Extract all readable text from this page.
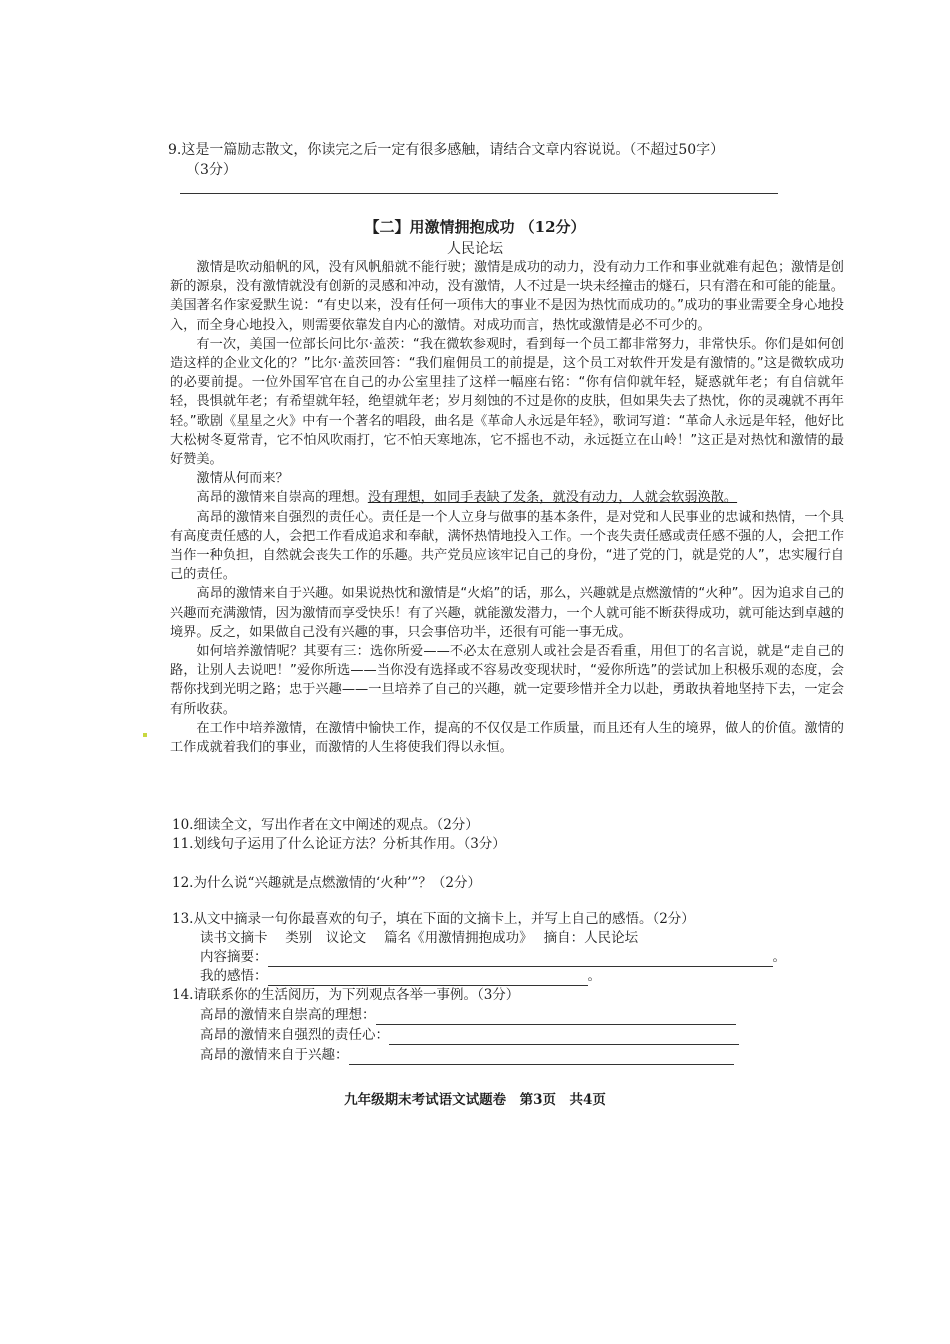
9.这是一篇励志散文，你读完之后一定有很多感触，请结合文章内容说说。（不超过50字）
（3分）
【二】用激情拥抱成功 （12分）
人民论坛

激情是吹动船帆的风，没有风帆船就不能行驶；激情是成功的动力，没有动力工作和事业就难有起色；激情是创新的源泉，没有激情就没有创新的灵感和冲动，没有激情，人不过是一块未经撞击的燧石，只有潜在和可能的能量。美国著名作家爱默生说：“有史以来，没有任何一项伟大的事业不是因为热忱而成功的。”成功的事业需要全身心地投入，而全身心地投入，则需要依靠发自内心的激情。对成功而言，热忱或激情是必不可少的。

有一次，美国一位部长问比尔·盖茨：“我在微软参观时，看到每一个员工都非常努力，非常快乐。你们是如何创造这样的企业文化的？”比尔·盖茨回答：“我们雇佣员工的前提是，这个员工对软件开发是有激情的。”这是微软成功的必要前提。一位外国军官在自己的办公室里挂了这样一幅座右铭：“你有信仰就年轻，疑惑就年老；有自信就年轻，畏惧就年老；有希望就年轻，绝望就年老；岁月刻蚀的不过是你的皮肤，但如果失去了热忱，你的灵魂就不再年轻。”歌剧《星星之火》中有一个著名的唱段，曲名是《革命人永远是年轻》，歌词写道：“革命人永远是年轻，他好比大松树冬夏常青，它不怕风吹雨打，它不怕天寒地冻，它不摇也不动，永远挺立在山岭！”这正是对热忱和激情的最好赞美。

激情从何而来？

高昂的激情来自崇高的理想。没有理想，如同手表缺了发条，就没有动力，人就会软弱涣散。

高昂的激情来自强烈的责任心。责任是一个人立身与做事的基本条件，是对党和人民事业的忠诚和热情，一个具有高度责任感的人，会把工作看成追求和奉献，满怀热情地投入工作。一个丧失责任感或责任感不强的人，会把工作当作一种负担，自然就会丧失工作的乐趣。共产党员应该牢记自己的身份，“进了党的门，就是党的人”，忠实履行自己的责任。

高昂的激情来自于兴趣。如果说热忱和激情是“火焰”的话，那么，兴趣就是点燃激情的“火种”。因为追求自己的兴趣而充满激情，因为激情而享受快乐！有了兴趣，就能激发潜力，一个人就可能不断获得成功，就可能达到卓越的境界。反之，如果做自己没有兴趣的事，只会事倍功半，还很有可能一事无成。

如何培养激情呢？其要有三：选你所爱——不必太在意别人或社会是否看重，用但丁的名言说，就是“走自己的路，让别人去说吧！”爱你所选——当你没有选择或不容易改变现状时，“爱你所选”的尝试加上积极乐观的态度，会帮你找到光明之路；忠于兴趣——一旦培养了自己的兴趣，就一定要珍惜并全力以赴，勇敢执着地坚持下去，一定会有所收获。

在工作中培养激情，在激情中愉快工作，提高的不仅仅是工作质量，而且还有人生的境界，做人的价值。激情的工作成就着我们的事业，而激情的人生将使我们得以永恒。

10.细读全文，写出作者在文中阐述的观点。（2分）
11.划线句子运用了什么论证方法？分析其作用。（3分）
12.为什么说“兴趣就是点燃激情的‘火种’”？（2分）
13.从文中摘录一句你最喜欢的句子，填在下面的文摘卡上，并写上自己的感悟。（2分）
读书文摘卡　 类别　议论文　 篇名《用激情拥抱成功》　 摘自：人民论坛
内容摘要：	。
我的感悟：	。
14.请联系你的生活阅历，为下列观点各举一事例。（3分）
高昂的激情来自崇高的理想：
高昂的激情来自强烈的责任心：
高昂的激情来自于兴趣：
九年级期末考试语文试题卷　第3页　共4页
